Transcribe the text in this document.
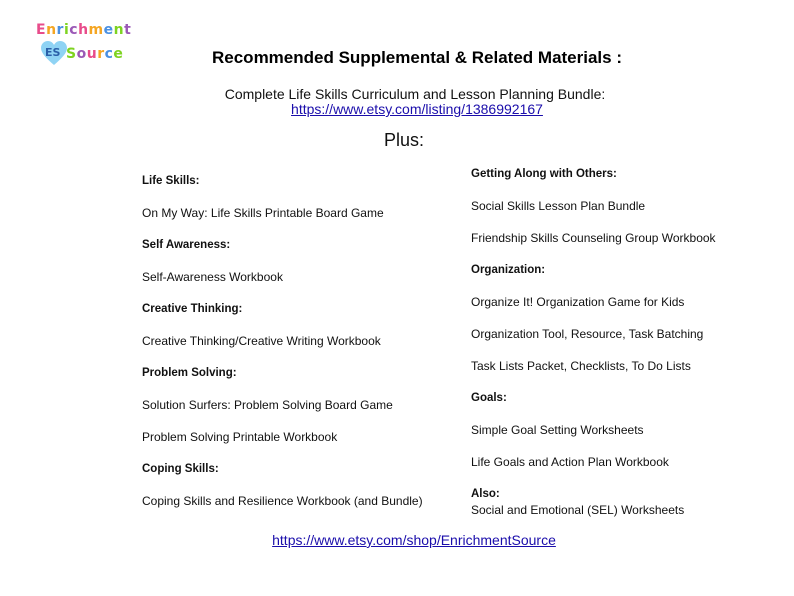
Enrichment
ES Source	Recommended Supplemental & Related Materials :
Complete Life Skills Curriculum and Lesson Planning Bundle:
https://www.etsy.com/listing/1386992167
Plus:
Life Skills:
On My Way: Life Skills Printable Board Game
Self Awareness:
Self-Awareness Workbook
Creative Thinking:
Creative Thinking/Creative Writing Workbook
Problem Solving:
Solution Surfers: Problem Solving Board Game
Problem Solving Printable Workbook
Coping Skills:
Coping Skills and Resilience Workbook (and Bundle)
Getting Along with Others:
Social Skills Lesson Plan Bundle
Friendship Skills Counseling Group Workbook
Organization:
Organize It! Organization Game for Kids
Organization Tool, Resource, Task Batching
Task Lists Packet, Checklists, To Do Lists
Goals:
Simple Goal Setting Worksheets
Life Goals and Action Plan Workbook
Also:
Social and Emotional (SEL) Worksheets
https://www.etsy.com/shop/EnrichmentSource
